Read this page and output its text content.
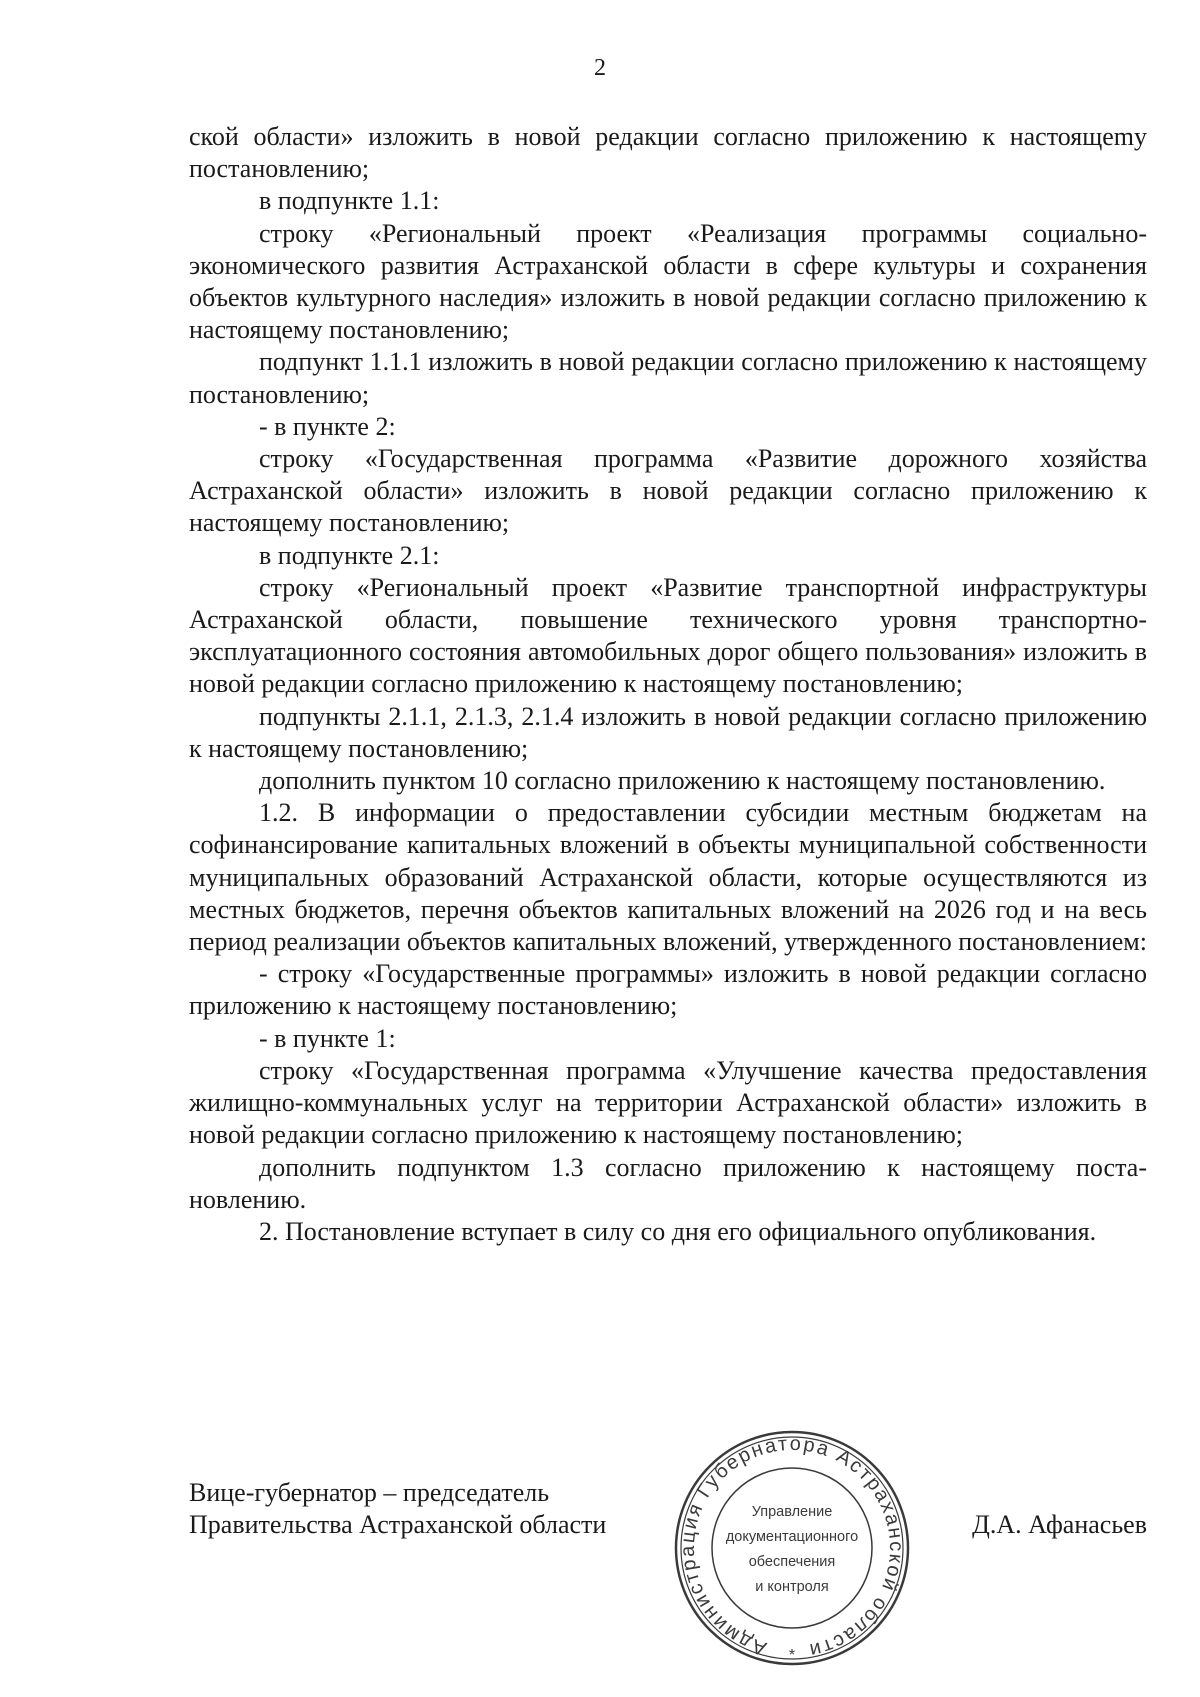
2

ской области» изложить в новой редакции согласно приложению к настоящеmу постановлению;

в подпункте 1.1:

строку «Региональный проект «Реализация программы социально-экономического развития Астраханской области в сфере культуры и сохранения объектов культурного наследия» изложить в новой редакции согласно приложению к настоящему постановлению;

подпункт 1.1.1 изложить в новой редакции согласно приложению к настоящему постановлению;

- в пункте 2:

строку «Государственная программа «Развитие дорожного хозяйства Астраханской области» изложить в новой редакции согласно приложению к настоящему постановлению;

в подпункте 2.1:

строку «Региональный проект «Развитие транспортной инфраструктуры Астраханской области, повышение технического уровня транспортно-эксплуатационного состояния автомобильных дорог общего пользования» изложить в новой редакции согласно приложению к настоящему постановлению;

подпункты 2.1.1, 2.1.3, 2.1.4 изложить в новой редакции согласно приложению к настоящему постановлению;

дополнить пунктом 10 согласно приложению к настоящему постановлению.

1.2. В информации о предоставлении субсидии местным бюджетам на софинансирование капитальных вложений в объекты муниципальной собственности муниципальных образований Астраханской области, которые осуществляются из местных бюджетов, перечня объектов капитальных вложений на 2026 год и на весь период реализации объектов капитальных вложений, утвержденного постановлением:

- строку «Государственные программы» изложить в новой редакции согласно приложению к настоящему постановлению;

- в пункте 1:

строку «Государственная программа «Улучшение качества предоставления жилищно-коммунальных услуг на территории Астраханской области» изложить в новой редакции согласно приложению к настоящему постановлению;

дополнить подпунктом 1.3 согласно приложению к настоящему постановлению.

2. Постановление вступает в силу со дня его официального опубликования.

Вице-губернатор – председатель
Правительства Астраханской области
Администрация Губернатора Астраханской области
*
Управление
документационного
обеспечения
и контроля
Д.А. Афанасьев
